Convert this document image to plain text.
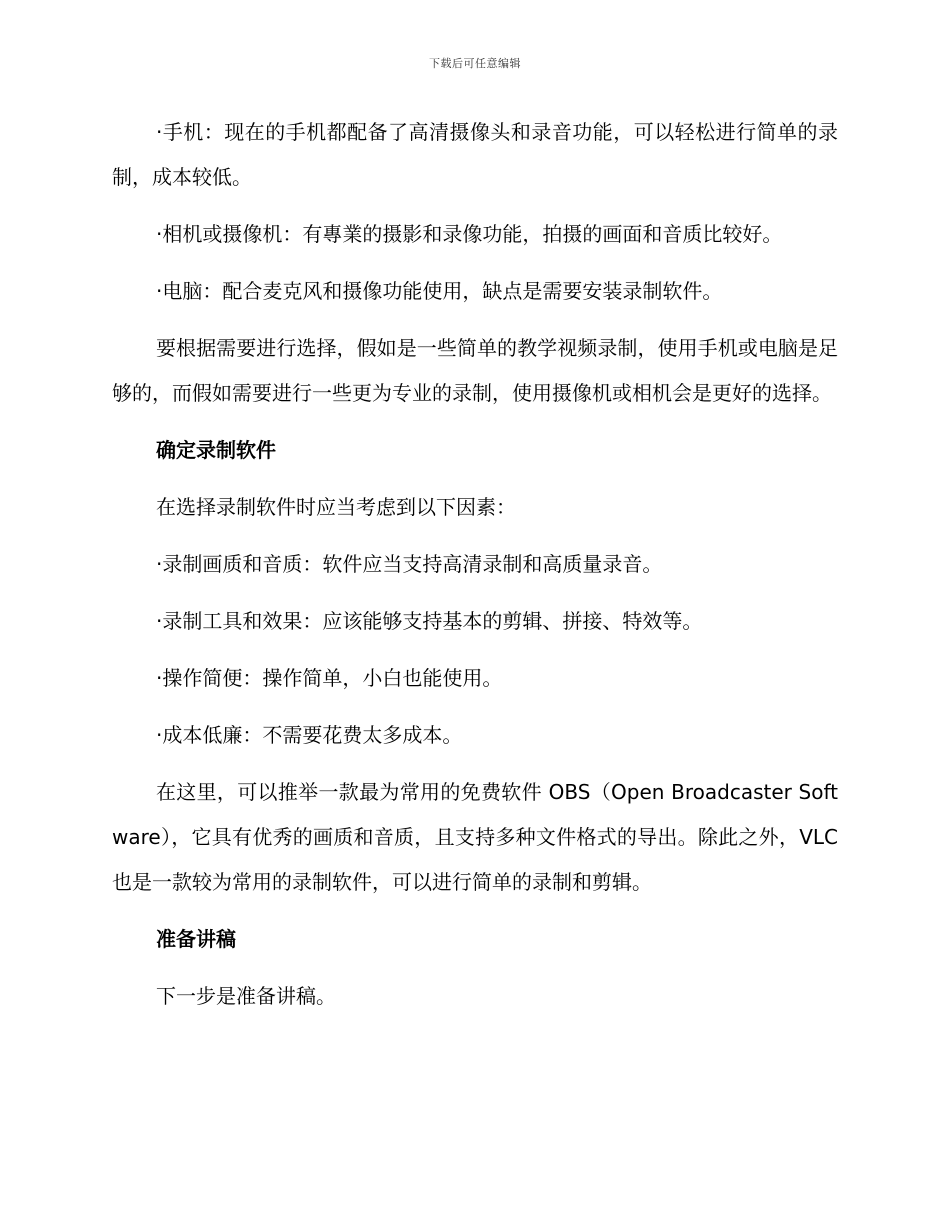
下载后可任意编辑

·手机：现在的手机都配备了高清摄像头和录音功能，可以轻松进行简单的录制，成本较低。

·相机或摄像机：有專業的摄影和录像功能，拍摄的画面和音质比较好。

·电脑：配合麦克风和摄像功能使用，缺点是需要安装录制软件。

要根据需要进行选择，假如是一些简单的教学视频录制，使用手机或电脑是足够的，而假如需要进行一些更为专业的录制，使用摄像机或相机会是更好的选择。

确定录制软件

在选择录制软件时应当考虑到以下因素：

·录制画质和音质：软件应当支持高清录制和高质量录音。

·录制工具和效果：应该能够支持基本的剪辑、拼接、特效等。

·操作简便：操作简单，小白也能使用。

·成本低廉：不需要花费太多成本。

在这里，可以推举一款最为常用的免费软件 OBS（Open Broadcaster Software），它具有优秀的画质和音质，且支持多种文件格式的导出。除此之外，VLC 也是一款较为常用的录制软件，可以进行简单的录制和剪辑。

准备讲稿

下一步是准备讲稿。
